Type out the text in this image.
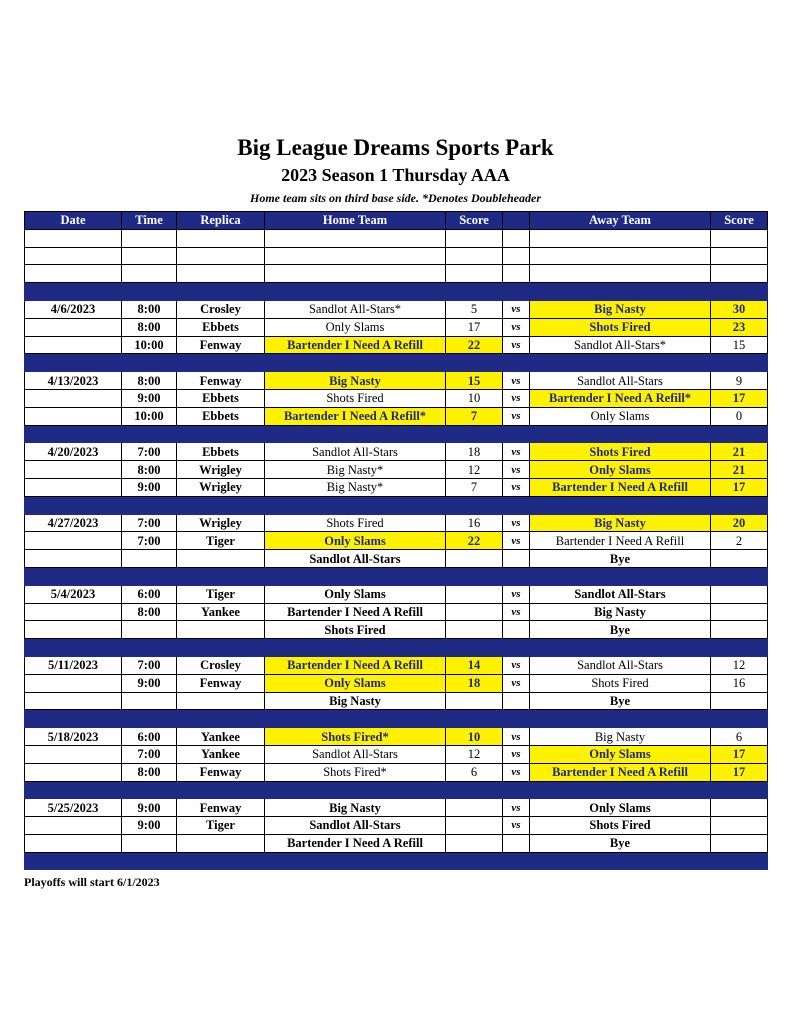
Big League Dreams Sports Park
2023 Season 1 Thursday AAA
Home team sits on third base side. *Denotes Doubleheader
Date	Time	Replica	Home Team	Score		Away Team	Score

4/6/2023	8:00	Crosley	Sandlot All-Stars*	5	vs	Big Nasty	30
	8:00	Ebbets	Only Slams	17	vs	Shots Fired	23
	10:00	Fenway	Bartender I Need A Refill	22	vs	Sandlot All-Stars*	15

4/13/2023	8:00	Fenway	Big Nasty	15	vs	Sandlot All-Stars	9
	9:00	Ebbets	Shots Fired	10	vs	Bartender I Need A Refill*	17
	10:00	Ebbets	Bartender I Need A Refill*	7	vs	Only Slams	0

4/20/2023	7:00	Ebbets	Sandlot All-Stars	18	vs	Shots Fired	21
	8:00	Wrigley	Big Nasty*	12	vs	Only Slams	21
	9:00	Wrigley	Big Nasty*	7	vs	Bartender I Need A Refill	17

4/27/2023	7:00	Wrigley	Shots Fired	16	vs	Big Nasty	20
	7:00	Tiger	Only Slams	22	vs	Bartender I Need A Refill	2
			Sandlot All-Stars			Bye	

5/4/2023	6:00	Tiger	Only Slams		vs	Sandlot All-Stars	
	8:00	Yankee	Bartender I Need A Refill		vs	Big Nasty	
			Shots Fired			Bye	

5/11/2023	7:00	Crosley	Bartender I Need A Refill	14	vs	Sandlot All-Stars	12
	9:00	Fenway	Only Slams	18	vs	Shots Fired	16
			Big Nasty			Bye	

5/18/2023	6:00	Yankee	Shots Fired*	10	vs	Big Nasty	6
	7:00	Yankee	Sandlot All-Stars	12	vs	Only Slams	17
	8:00	Fenway	Shots Fired*	6	vs	Bartender I Need A Refill	17

5/25/2023	9:00	Fenway	Big Nasty		vs	Only Slams	
	9:00	Tiger	Sandlot All-Stars		vs	Shots Fired	
			Bartender I Need A Refill			Bye	

Playoffs will start 6/1/2023
